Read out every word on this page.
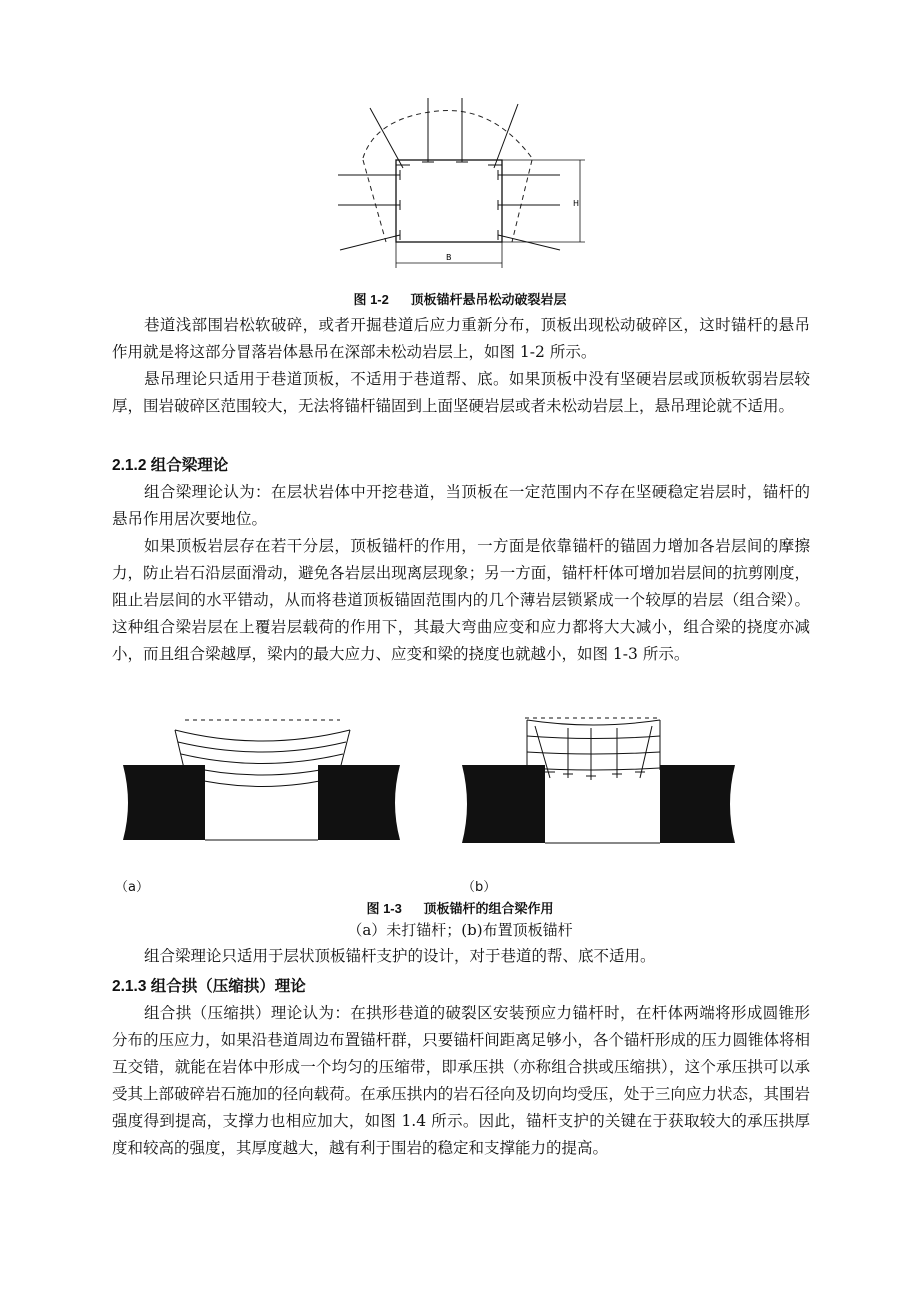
H
B
图 1-2      顶板锚杆悬吊松动破裂岩层
巷道浅部围岩松软破碎，或者开掘巷道后应力重新分布，顶板出现松动破碎区，这时锚杆的悬吊作用就是将这部分冒落岩体悬吊在深部未松动岩层上，如图 1-2 所示。
悬吊理论只适用于巷道顶板，不适用于巷道帮、底。如果顶板中没有坚硬岩层或顶板软弱岩层较厚，围岩破碎区范围较大，无法将锚杆锚固到上面坚硬岩层或者未松动岩层上，悬吊理论就不适用。
2.1.2 组合梁理论
组合梁理论认为：在层状岩体中开挖巷道，当顶板在一定范围内不存在坚硬稳定岩层时，锚杆的悬吊作用居次要地位。
如果顶板岩层存在若干分层，顶板锚杆的作用，一方面是依靠锚杆的锚固力增加各岩层间的摩擦力，防止岩石沿层面滑动，避免各岩层出现离层现象；另一方面，锚杆杆体可增加岩层间的抗剪刚度，阻止岩层间的水平错动，从而将巷道顶板锚固范围内的几个薄岩层锁紧成一个较厚的岩层（组合梁）。这种组合梁岩层在上覆岩层载荷的作用下，其最大弯曲应变和应力都将大大减小，组合梁的挠度亦减小，而且组合梁越厚，梁内的最大应力、应变和梁的挠度也就越小，如图 1-3 所示。
（a）	（b）
图 1-3      顶板锚杆的组合梁作用
（a）未打锚杆；(b)布置顶板锚杆
组合梁理论只适用于层状顶板锚杆支护的设计，对于巷道的帮、底不适用。
2.1.3 组合拱（压缩拱）理论
组合拱（压缩拱）理论认为：在拱形巷道的破裂区安装预应力锚杆时，在杆体两端将形成圆锥形分布的压应力，如果沿巷道周边布置锚杆群，只要锚杆间距离足够小，各个锚杆形成的压力圆锥体将相互交错，就能在岩体中形成一个均匀的压缩带，即承压拱（亦称组合拱或压缩拱），这个承压拱可以承受其上部破碎岩石施加的径向载荷。在承压拱内的岩石径向及切向均受压，处于三向应力状态，其围岩强度得到提高，支撑力也相应加大，如图 1.4 所示。因此，锚杆支护的关键在于获取较大的承压拱厚度和较高的强度，其厚度越大，越有利于围岩的稳定和支撑能力的提高。
